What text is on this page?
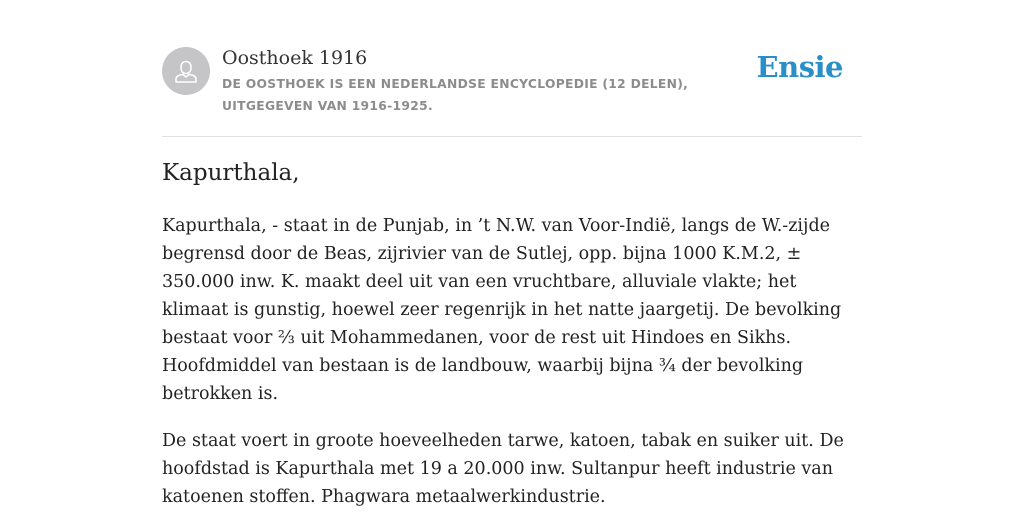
Oosthoek 1916
DE OOSTHOEK IS EEN NEDERLANDSE ENCYCLOPEDIE (12 DELEN), UITGEGEVEN VAN 1916-1925.
Ensie
Kapurthala,

Kapurthala, - staat in de Punjab, in ’t N.W. van Voor-Indië, langs de W.-zijde begrensd door de Beas, zijrivier van de Sutlej, opp. bijna 1000 K.M.2, ± 350.000 inw. K. maakt deel uit van een vruchtbare, alluviale vlakte; het klimaat is gunstig, hoewel zeer regenrijk in het natte jaargetij. De bevolking bestaat voor ⅔ uit Mohammedanen, voor de rest uit Hindoes en Sikhs. Hoofdmiddel van bestaan is de landbouw, waarbij bijna ¾ der bevolking betrokken is.

De staat voert in groote hoeveelheden tarwe, katoen, tabak en suiker uit. De hoofdstad is Kapurthala met 19 a 20.000 inw. Sultanpur heeft industrie van katoenen stoffen. Phagwara metaalwerkindustrie.
